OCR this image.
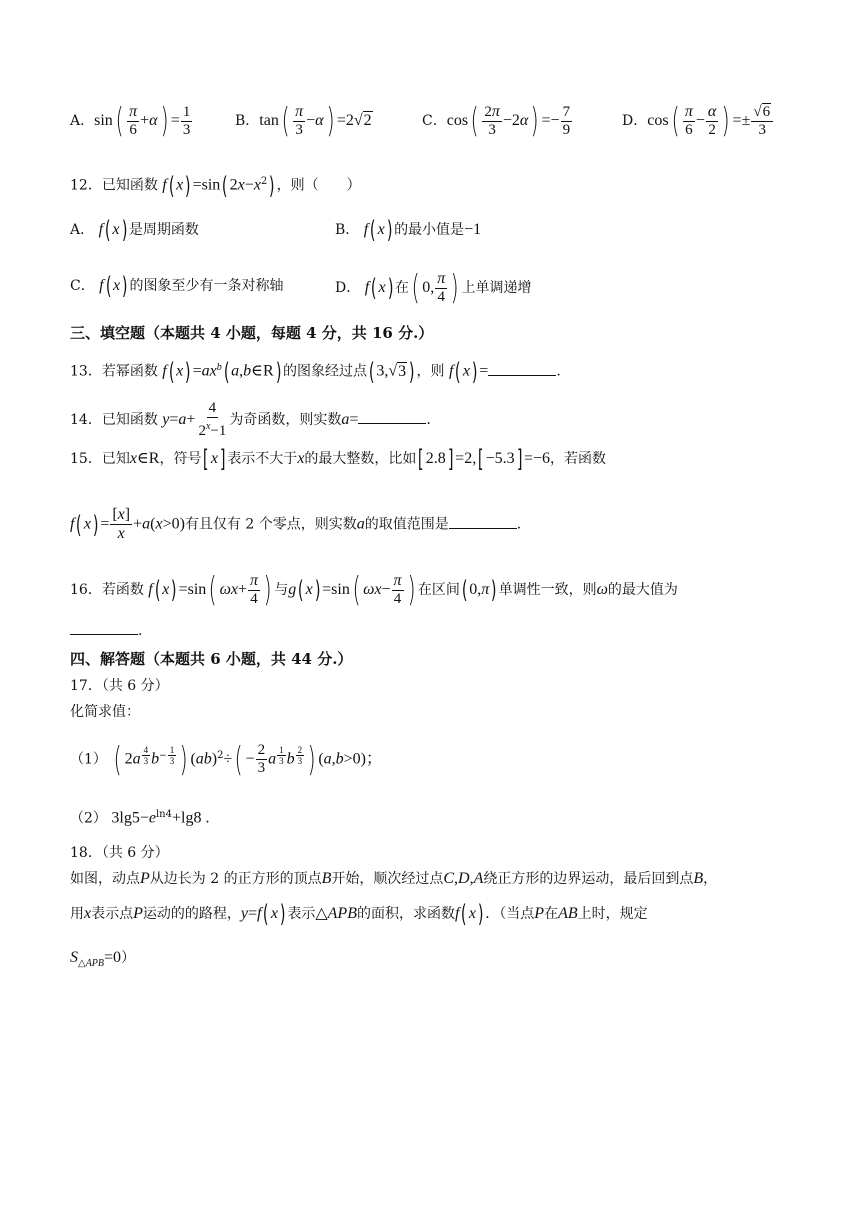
A．$\sin( \frac{\pi}{6} +\alpha) = \frac{1}{3}$	B．$\tan( \frac{\pi}{3} -\alpha) =2√2$	C．$\cos( \frac{2\pi}{3} -2\alpha) =- \frac{7}{9}$	D．$\cos( \frac{\pi}{6} - \frac{\alpha}{2}$ ) =± $\frac{√6}{3}$
12．已知函数 f( x) =sin( $2x-x^2$) ，则（　　）
A． f( x) 是周期函数	B． f( x) 的最小值是−1
C． f( x) 的图象至少有一条对称轴	D． f( x) 在( 0, $\frac{\pi}{4}$ ) 上单调递增
三、填空题（本题共 4 小题，每题 4 分，共 16 分.）
13．若幂函数 f( $x) =ax^b$( a,b∈R) 的图象经过点( 3,√3 ) ，则 f( x) =	.
14．已知函数 $y=a+ \frac{4}{2^x-1}$ 为奇函数，则实数a=	.
15．已知x∈R，符号[ x] 表示不大于x的最大整数，比如[ 2.8] =2,[ −5.3] =−6，若函数
f( $x) = \frac{[x]}{x} +a(x>0)$有且仅有 2 个零点，则实数a的取值范围是	.
16．若函数 f( x) =sin( $\omega x+ \frac{\pi}{4}$ ) 与g( x) =sin( $\omega x- \frac{\pi}{4}$ ) 在区间( 0,π) 单调性一致，则ω的最大值为
.
四、解答题（本题共 6 小题，共 44 分.）
17．（共 6 分）
化简求值：
（1） ( 2a $^{\frac{4}{3}}$ $b^{- \frac{1}{3}}$ ) $(ab)^2\div( - \frac{2}{3}$ a $^{\frac{1}{3}}$ b $^{\frac{2}{3}}$ ) (a,b>0)；
（2） $3\lg 5-e^{ln4}+\lg 8$ .
18．（共 6 分）
如图，动点P从边长为 2 的正方形的顶点B开始，顺次经过点C,D,A绕正方形的边界运动，最后回到点B，
用x表示点P运动的的路程，y=f( x) 表示△APB的面积，求函数f( x) ．（当点P在AB上时，规定
$S_{\triangle APB}=0$）
